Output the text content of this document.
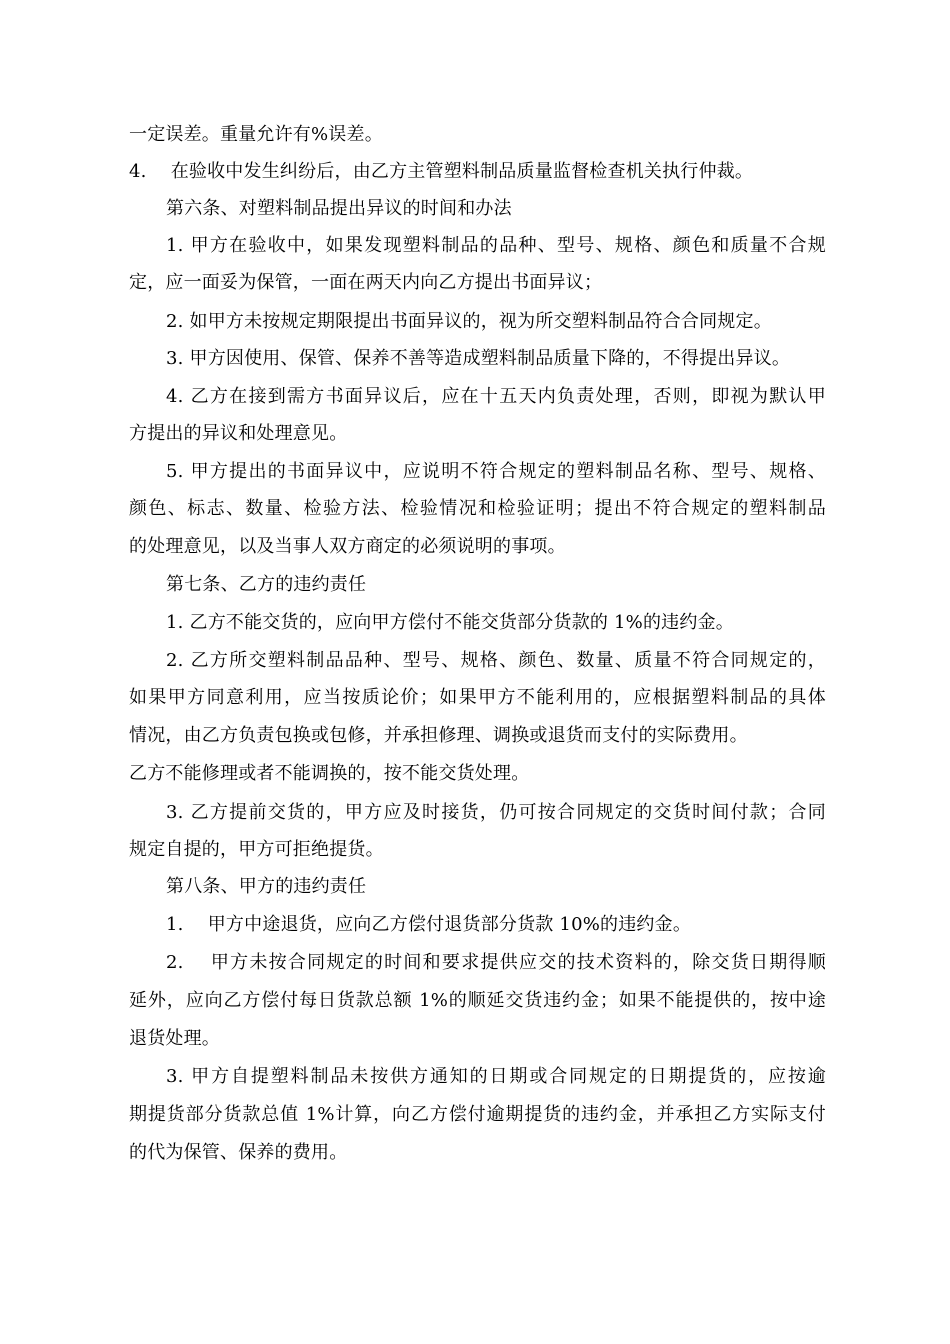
一定误差。重量允许有%误差。
4.　 在验收中发生纠纷后，由乙方主管塑料制品质量监督检查机关执行仲裁。
第六条、对塑料制品提出异议的时间和办法
1. 甲方在验收中，如果发现塑料制品的品种、型号、规格、颜色和质量不合规
定，应一面妥为保管，一面在两天内向乙方提出书面异议；
2. 如甲方未按规定期限提出书面异议的，视为所交塑料制品符合合同规定。
3. 甲方因使用、保管、保养不善等造成塑料制品质量下降的，不得提出异议。
4. 乙方在接到需方书面异议后，应在十五天内负责处理，否则，即视为默认甲
方提出的异议和处理意见。
5. 甲方提出的书面异议中，应说明不符合规定的塑料制品名称、型号、规格、
颜色、标志、数量、检验方法、检验情况和检验证明；提出不符合规定的塑料制品
的处理意见，以及当事人双方商定的必须说明的事项。
第七条、乙方的违约责任
1. 乙方不能交货的，应向甲方偿付不能交货部分货款的 1%的违约金。
2. 乙方所交塑料制品品种、型号、规格、颜色、数量、质量不符合同规定的，
如果甲方同意利用，应当按质论价；如果甲方不能利用的，应根据塑料制品的具体
情况，由乙方负责包换或包修，并承担修理、调换或退货而支付的实际费用。
乙方不能修理或者不能调换的，按不能交货处理。
3. 乙方提前交货的，甲方应及时接货，仍可按合同规定的交货时间付款；合同
规定自提的，甲方可拒绝提货。
第八条、甲方的违约责任
1.　 甲方中途退货，应向乙方偿付退货部分货款 10%的违约金。
2.　 甲方未按合同规定的时间和要求提供应交的技术资料的，除交货日期得顺
延外，应向乙方偿付每日货款总额 1%的顺延交货违约金；如果不能提供的，按中途
退货处理。
3. 甲方自提塑料制品未按供方通知的日期或合同规定的日期提货的，应按逾
期提货部分货款总值 1%计算，向乙方偿付逾期提货的违约金，并承担乙方实际支付
的代为保管、保养的费用。
